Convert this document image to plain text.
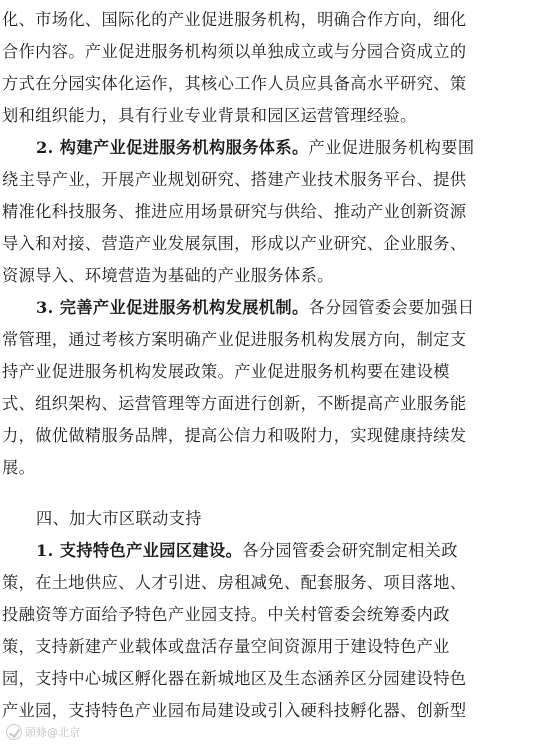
化、市场化、国际化的产业促进服务机构，明确合作方向，细化
合作内容。产业促进服务机构须以单独成立或与分园合资成立的
方式在分园实体化运作，其核心工作人员应具备高水平研究、策
划和组织能力，具有行业专业背景和园区运营管理经验。
2. 构建产业促进服务机构服务体系。产业促进服务机构要围
绕主导产业，开展产业规划研究、搭建产业技术服务平台、提供
精准化科技服务、推进应用场景研究与供给、推动产业创新资源
导入和对接、营造产业发展氛围，形成以产业研究、企业服务、
资源导入、环境营造为基础的产业服务体系。
3. 完善产业促进服务机构发展机制。各分园管委会要加强日
常管理，通过考核方案明确产业促进服务机构发展方向，制定支
持产业促进服务机构发展政策。产业促进服务机构要在建设模
式、组织架构、运营管理等方面进行创新，不断提高产业服务能
力，做优做精服务品牌，提高公信力和吸附力，实现健康持续发
展。
四、加大市区联动支持
1. 支持特色产业园区建设。各分园管委会研究制定相关政
策，在土地供应、人才引进、房租减免、配套服务、项目落地、
投融资等方面给予特色产业园支持。中关村管委会统筹委内政
策，支持新建产业载体或盘活存量空间资源用于建设特色产业
园，支持中心城区孵化器在新城地区及生态涵养区分园建设特色
产业园，支持特色产业园布局建设或引入硬科技孵化器、创新型
頭條@北京
